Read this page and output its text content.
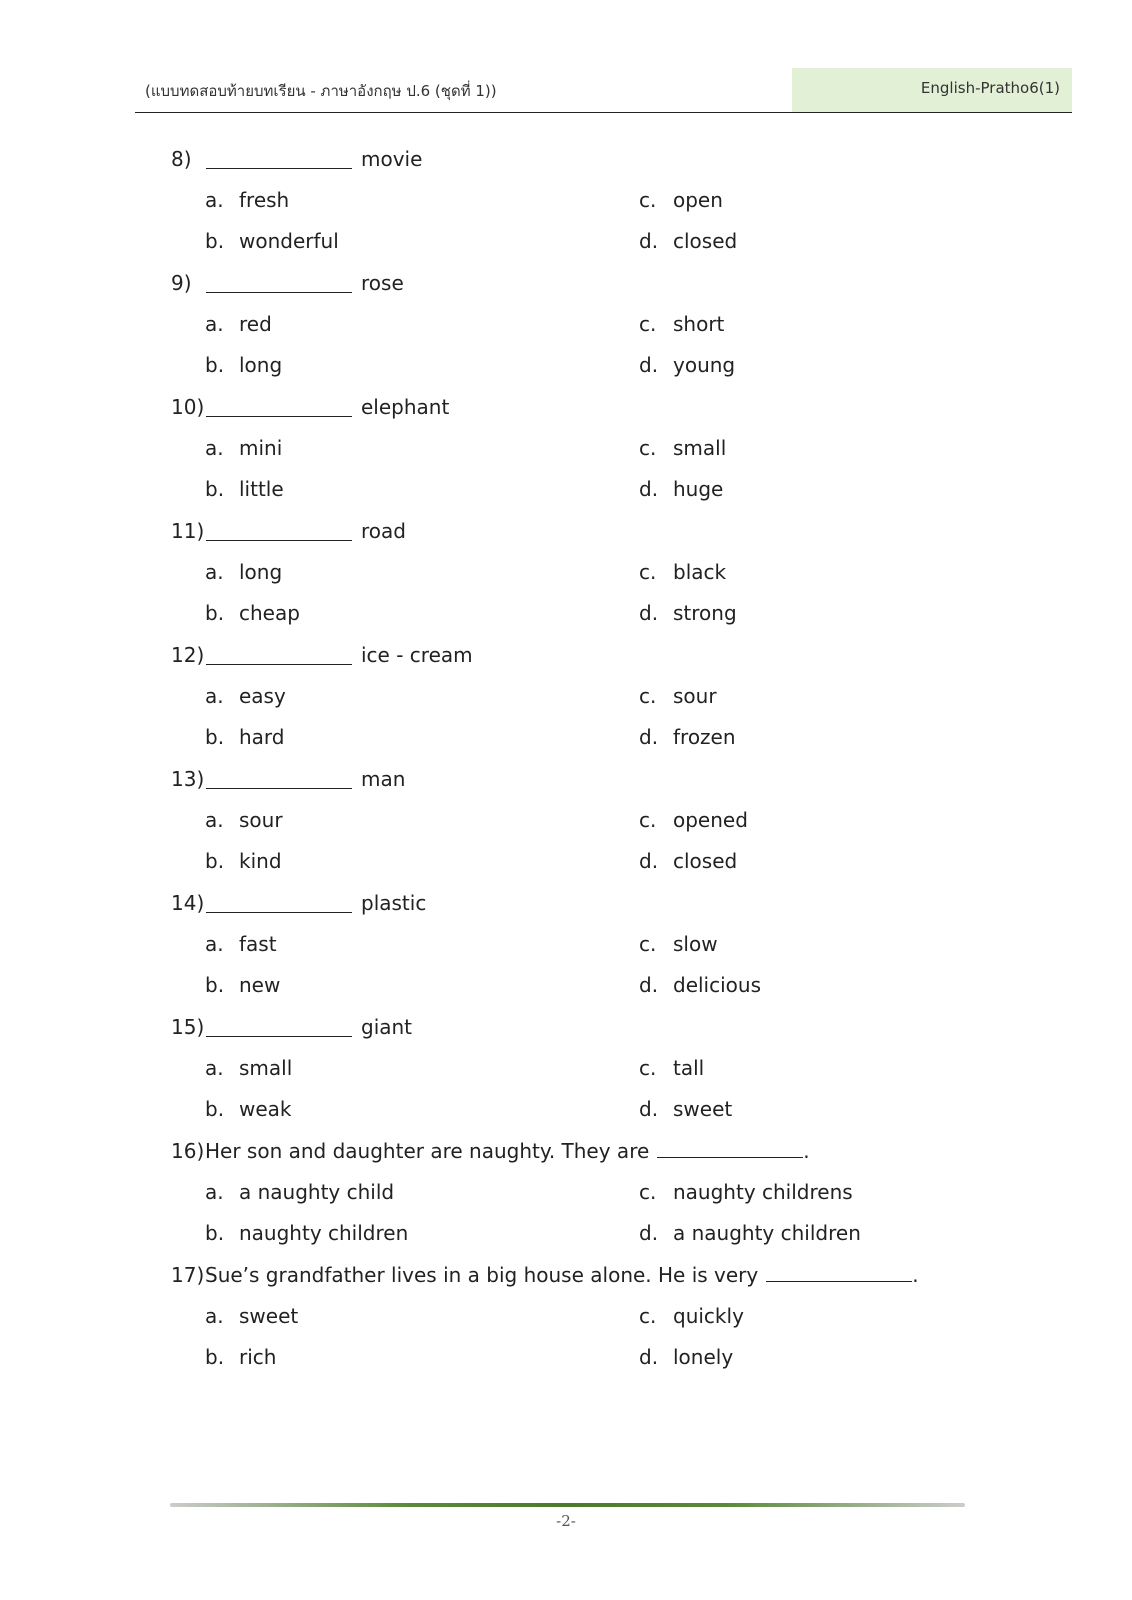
(แบบทดสอบท้ายบทเรียน - ภาษาอังกฤษ ป.6 (ชุดที่ 1))	English-Pratho6(1)
8)	movie
a. fresh	c. open
b. wonderful	d. closed
9)	rose
a. red	c. short
b. long	d. young
10)	elephant
a. mini	c. small
b. little	d. huge
11)	road
a. long	c. black
b. cheap	d. strong
12)	ice - cream
a. easy	c. sour
b. hard	d. frozen
13)	man
a. sour	c. opened
b. kind	d. closed
14)	plastic
a. fast	c. slow
b. new	d. delicious
15)	giant
a. small	c. tall
b. weak	d. sweet
16) Her son and daughter are naughty. They are	.
a. a naughty child	c. naughty childrens
b. naughty children	d. a naughty children
17) Sue’s grandfather lives in a big house alone. He is very	.
a. sweet	c. quickly
b. rich	d. lonely
-2-
